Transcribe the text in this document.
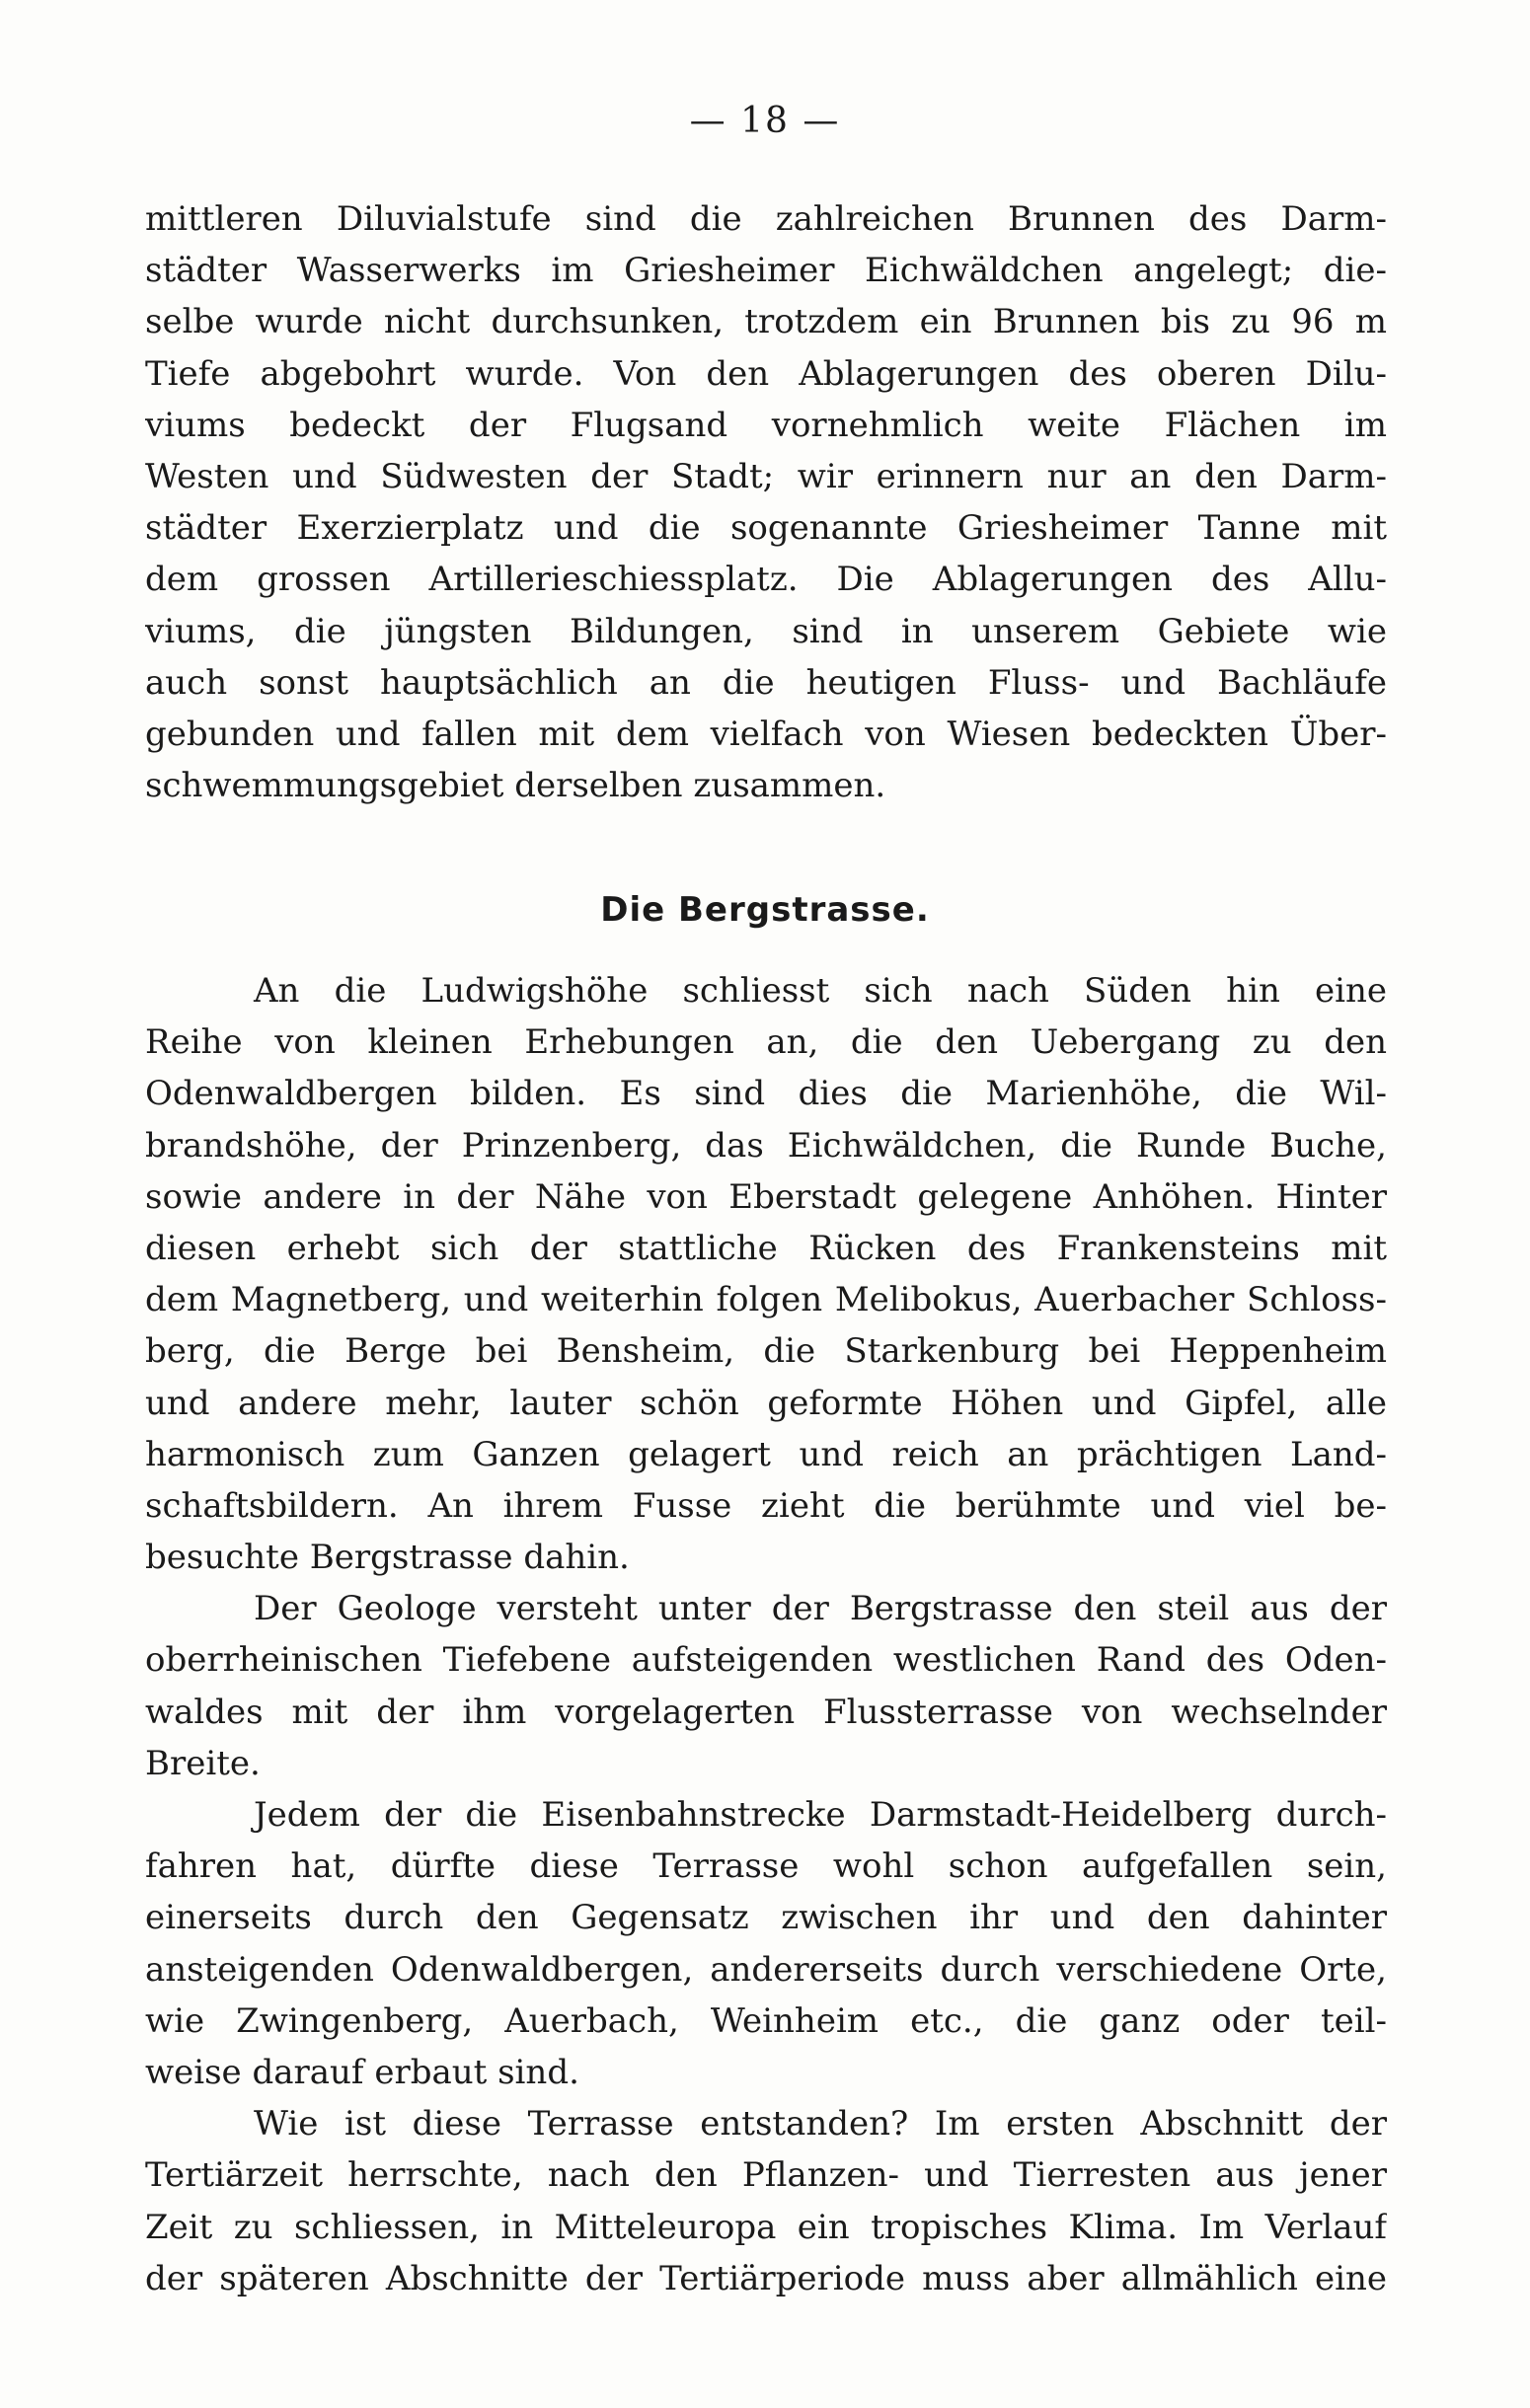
— 18 —
mittleren Diluvialstufe sind die zahlreichen Brunnen des Darm-
städter Wasserwerks im Griesheimer Eichwäldchen angelegt; die-
selbe wurde nicht durchsunken, trotzdem ein Brunnen bis zu 96 m
Tiefe abgebohrt wurde. Von den Ablagerungen des oberen Dilu-
viums bedeckt der Flugsand vornehmlich weite Flächen im
Westen und Südwesten der Stadt; wir erinnern nur an den Darm-
städter Exerzierplatz und die sogenannte Griesheimer Tanne mit
dem grossen Artillerieschiessplatz. Die Ablagerungen des Allu-
viums, die jüngsten Bildungen, sind in unserem Gebiete wie
auch sonst hauptsächlich an die heutigen Fluss- und Bachläufe
gebunden und fallen mit dem vielfach von Wiesen bedeckten Über-
schwemmungsgebiet derselben zusammen.
Die Bergstrasse.
An die Ludwigshöhe schliesst sich nach Süden hin eine
Reihe von kleinen Erhebungen an, die den Uebergang zu den
Odenwaldbergen bilden. Es sind dies die Marienhöhe, die Wil-
brandshöhe, der Prinzenberg, das Eichwäldchen, die Runde Buche,
sowie andere in der Nähe von Eberstadt gelegene Anhöhen. Hinter
diesen erhebt sich der stattliche Rücken des Frankensteins mit
dem Magnetberg, und weiterhin folgen Melibokus, Auerbacher Schloss-
berg, die Berge bei Bensheim, die Starkenburg bei Heppenheim
und andere mehr, lauter schön geformte Höhen und Gipfel, alle
harmonisch zum Ganzen gelagert und reich an prächtigen Land-
schaftsbildern. An ihrem Fusse zieht die berühmte und viel be-
besuchte Bergstrasse dahin.
Der Geologe versteht unter der Bergstrasse den steil aus der
oberrheinischen Tiefebene aufsteigenden westlichen Rand des Oden-
waldes mit der ihm vorgelagerten Flussterrasse von wechselnder
Breite.
Jedem der die Eisenbahnstrecke Darmstadt-Heidelberg durch-
fahren hat, dürfte diese Terrasse wohl schon aufgefallen sein,
einerseits durch den Gegensatz zwischen ihr und den dahinter
ansteigenden Odenwaldbergen, andererseits durch verschiedene Orte,
wie Zwingenberg, Auerbach, Weinheim etc., die ganz oder teil-
weise darauf erbaut sind.
Wie ist diese Terrasse entstanden? Im ersten Abschnitt der
Tertiärzeit herrschte, nach den Pflanzen- und Tierresten aus jener
Zeit zu schliessen, in Mitteleuropa ein tropisches Klima. Im Verlauf
der späteren Abschnitte der Tertiärperiode muss aber allmählich eine
